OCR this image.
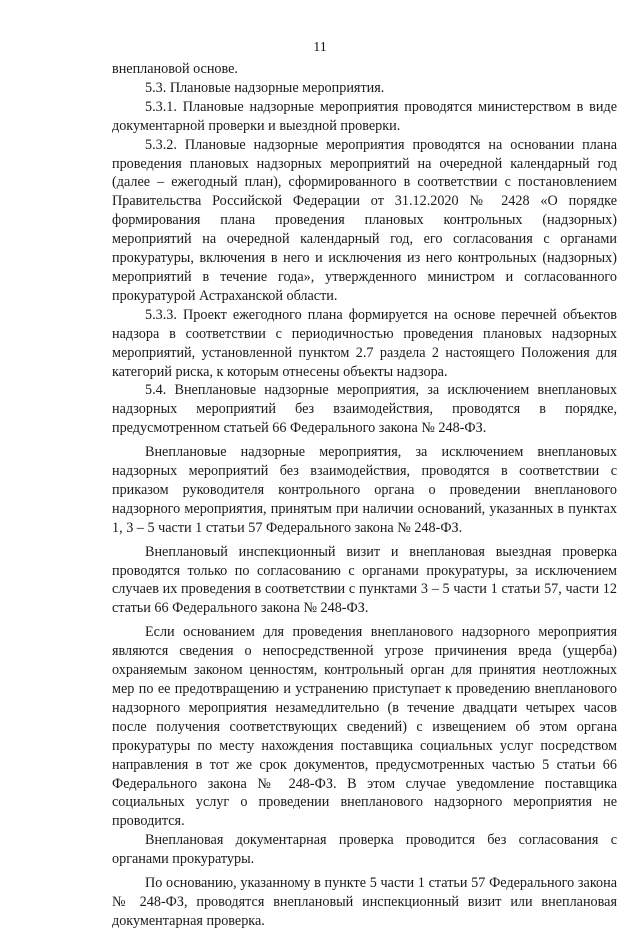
11

внеплановой основе.

5.3. Плановые надзорные мероприятия.

5.3.1. Плановые надзорные мероприятия проводятся министерством в виде документарной проверки и выездной проверки.

5.3.2. Плановые надзорные мероприятия проводятся на основании плана проведения плановых надзорных мероприятий на очередной календарный год (далее – ежегодный план), сформированного в соответствии с постановлением Правительства Российской Федерации от 31.12.2020 № 2428 «О порядке формирования плана проведения плановых контрольных (надзорных) мероприятий на очередной календарный год, его согласования с органами прокуратуры, включения в него и исключения из него контрольных (надзорных) мероприятий в течение года», утвержденного министром и согласованного прокуратурой Астраханской области.

5.3.3. Проект ежегодного плана формируется на основе перечней объектов надзора в соответствии с периодичностью проведения плановых надзорных мероприятий, установленной пунктом 2.7 раздела 2 настоящего Положения для категорий риска, к которым отнесены объекты надзора.

5.4. Внеплановые надзорные мероприятия, за исключением внеплановых надзорных мероприятий без взаимодействия, проводятся в порядке, предусмотренном статьей 66 Федерального закона № 248-ФЗ.

Внеплановые надзорные мероприятия, за исключением внеплановых надзорных мероприятий без взаимодействия, проводятся в соответствии с приказом руководителя контрольного органа о проведении внепланового надзорного мероприятия, принятым при наличии оснований, указанных в пунктах 1, 3 – 5 части 1 статьи 57 Федерального закона № 248-ФЗ.

Внеплановый инспекционный визит и внеплановая выездная проверка проводятся только по согласованию с органами прокуратуры, за исключением случаев их проведения в соответствии с пунктами 3 – 5 части 1 статьи 57, части 12 статьи 66 Федерального закона № 248-ФЗ.

Если основанием для проведения внепланового надзорного мероприятия являются сведения о непосредственной угрозе причинения вреда (ущерба) охраняемым законом ценностям, контрольный орган для принятия неотложных мер по ее предотвращению и устранению приступает к проведению внепланового надзорного мероприятия незамедлительно (в течение двадцати четырех часов после получения соответствующих сведений) с извещением об этом органа прокуратуры по месту нахождения поставщика социальных услуг посредством направления в тот же срок документов, предусмотренных частью 5 статьи 66 Федерального закона № 248-ФЗ. В этом случае уведомление поставщика социальных услуг о проведении внепланового надзорного мероприятия не проводится.

Внеплановая документарная проверка проводится без согласования с органами прокуратуры.

По основанию, указанному в пункте 5 части 1 статьи 57 Федерального закона № 248-ФЗ, проводятся внеплановый инспекционный визит или внеплановая документарная проверка.
